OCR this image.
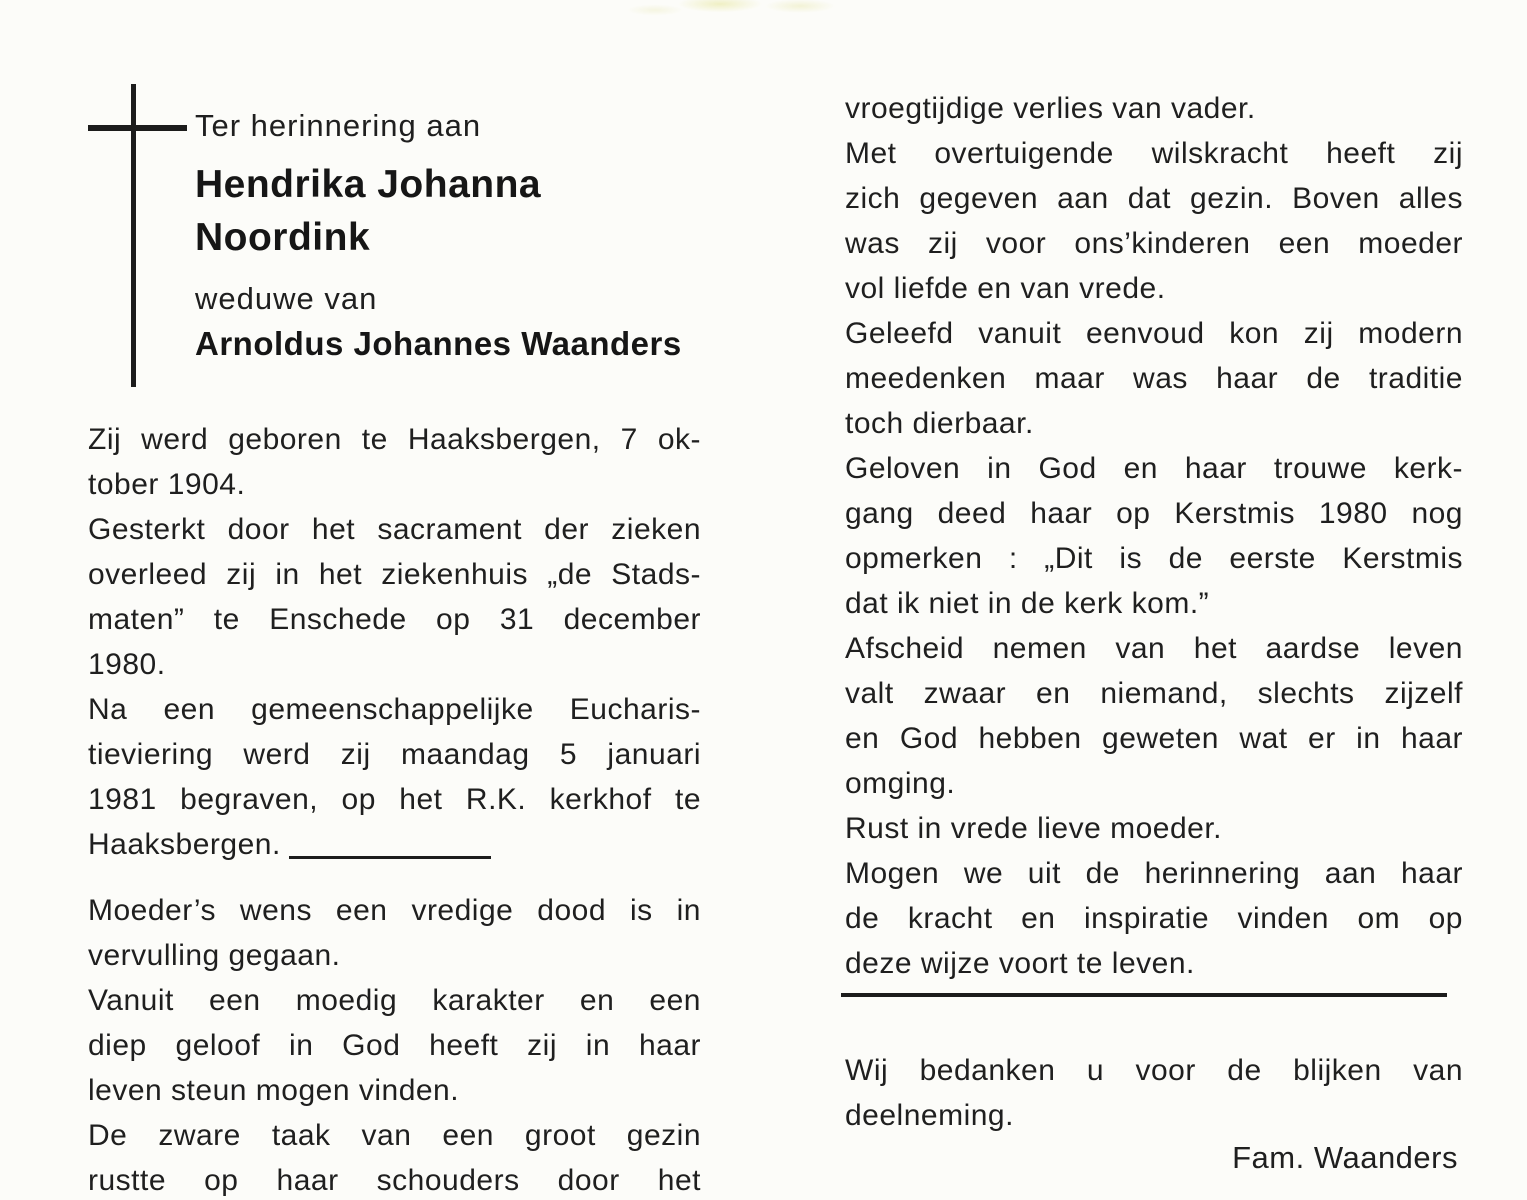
Ter herinnering aan
Hendrika Johanna
Noordink
weduwe van
Arnoldus Johannes Waanders
Zij werd geboren te Haaksbergen, 7 ok-
tober 1904.
Gesterkt door het sacrament der zieken
overleed zij in het ziekenhuis „de Stads-
maten” te Enschede op 31 december
1980.
Na een gemeenschappelijke Eucharis-
tieviering werd zij maandag 5 januari
1981 begraven, op het R.K. kerkhof te
Haaksbergen.
Moeder’s wens een vredige dood is in
vervulling gegaan.
Vanuit een moedig karakter en een
diep geloof in God heeft zij in haar
leven steun mogen vinden.
De zware taak van een groot gezin
rustte op haar schouders door het
vroegtijdige verlies van vader.
Met overtuigende wilskracht heeft zij
zich gegeven aan dat gezin. Boven alles
was zij voor ons’kinderen een moeder
vol liefde en van vrede.
Geleefd vanuit eenvoud kon zij modern
meedenken maar was haar de traditie
toch dierbaar.
Geloven in God en haar trouwe kerk-
gang deed haar op Kerstmis 1980 nog
opmerken : „Dit is de eerste Kerstmis
dat ik niet in de kerk kom.”
Afscheid nemen van het aardse leven
valt zwaar en niemand, slechts zijzelf
en God hebben geweten wat er in haar
omging.
Rust in vrede lieve moeder.
Mogen we uit de herinnering aan haar
de kracht en inspiratie vinden om op
deze wijze voort te leven.
Wij bedanken u voor de blijken van
deelneming.
Fam. Waanders
